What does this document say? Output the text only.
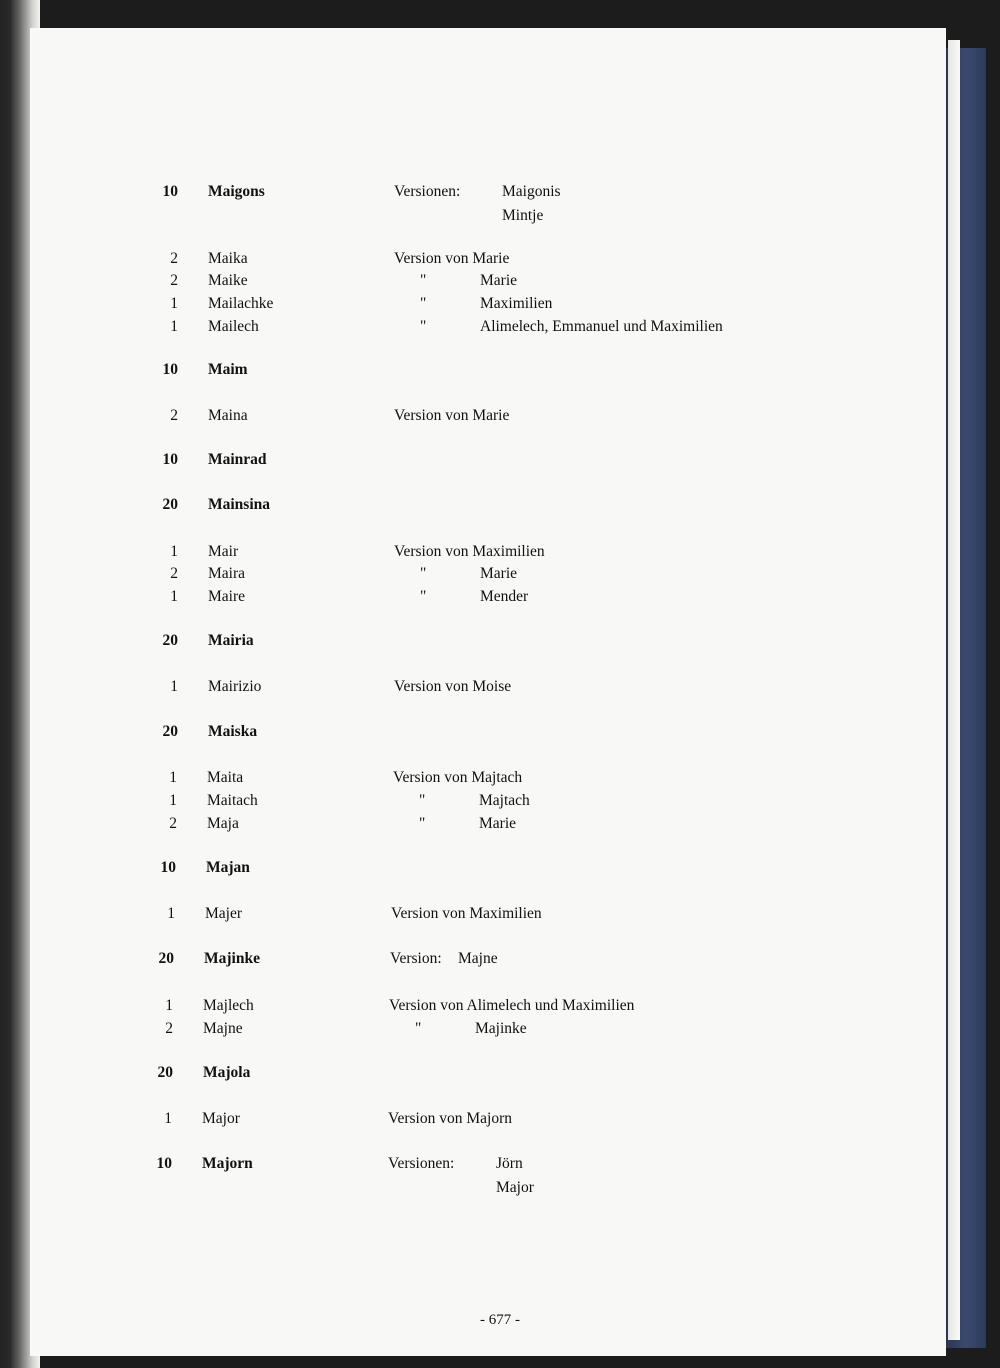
10 Maigons	Versionen:	Maigonis
Mintje
2 Maika	Version von Marie
2 Maike	"	Marie
1 Mailachke	"	Maximilien
1 Mailech	"	Alimelech, Emmanuel und Maximilien
10 Maim
2 Maina	Version von Marie
10 Mainrad
20 Mainsina
1 Mair	Version von Maximilien
2 Maira	"	Marie
1 Maire	"	Mender
20 Mairia
1 Mairizio	Version von Moise
20 Maiska
1 Maita	Version von Majtach
1 Maitach	"	Majtach
2 Maja	"	Marie
10 Majan
1 Majer	Version von Maximilien
20 Majinke	Version: Majne
1 Majlech	Version von Alimelech und Maximilien
2 Majne	"	Majinke
20 Majola
1 Major	Version von Majorn
10 Majorn	Versionen:	Jörn
Major
- 677 -
